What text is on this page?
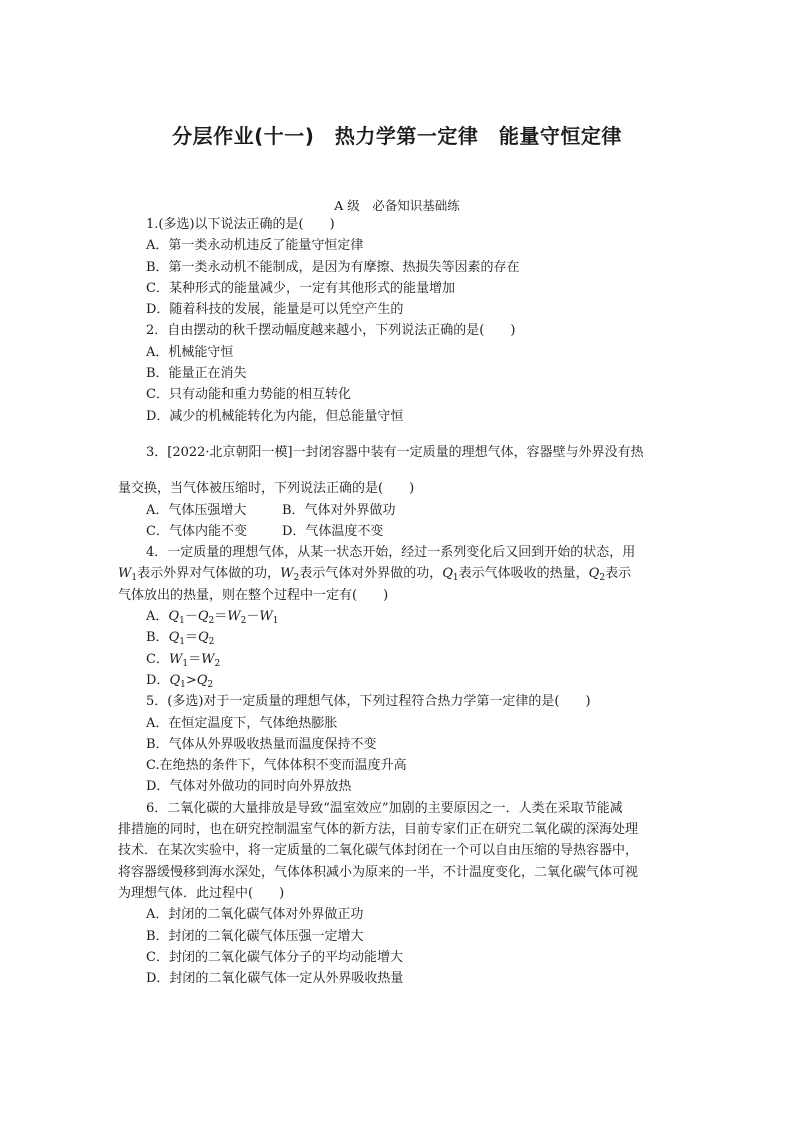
分层作业(十一)　热力学第一定律　能量守恒定律
A 级　必备知识基础练
1.(多选)以下说法正确的是(　　)
A．第一类永动机违反了能量守恒定律
B．第一类永动机不能制成，是因为有摩擦、热损失等因素的存在
C．某种形式的能量减少，一定有其他形式的能量增加
D．随着科技的发展，能量是可以凭空产生的
2．自由摆动的秋千摆动幅度越来越小，下列说法正确的是(　　)
A．机械能守恒
B．能量正在消失
C．只有动能和重力势能的相互转化
D．减少的机械能转化为内能，但总能量守恒
3．[2022·北京朝阳一模]一封闭容器中装有一定质量的理想气体，容器壁与外界没有热
量交换，当气体被压缩时，下列说法正确的是(　　)
A．气体压强增大	B．气体对外界做功
C．气体内能不变	D．气体温度不变
4．一定质量的理想气体，从某一状态开始，经过一系列变化后又回到开始的状态，用
$W_1$表示外界对气体做的功，$W_2$表示气体对外界做的功，$Q_1$表示气体吸收的热量，$Q_2$表示
气体放出的热量，则在整个过程中一定有(　　)
A．$Q_1-Q_2=W_2-W_1$
B．$Q_1=Q_2$
C．$W_1=W_2$
D．$Q_1>Q_2$
5．(多选)对于一定质量的理想气体，下列过程符合热力学第一定律的是(　　)
A．在恒定温度下，气体绝热膨胀
B．气体从外界吸收热量而温度保持不变
C.在绝热的条件下，气体体积不变而温度升高
D．气体对外做功的同时向外界放热
6．二氧化碳的大量排放是导致“温室效应”加剧的主要原因之一．人类在采取节能减
排措施的同时，也在研究控制温室气体的新方法，目前专家们正在研究二氧化碳的深海处理
技术．在某次实验中，将一定质量的二氧化碳气体封闭在一个可以自由压缩的导热容器中，
将容器缓慢移到海水深处，气体体积减小为原来的一半，不计温度变化，二氧化碳气体可视
为理想气体．此过程中(　　)
A．封闭的二氧化碳气体对外界做正功
B．封闭的二氧化碳气体压强一定增大
C．封闭的二氧化碳气体分子的平均动能增大
D．封闭的二氧化碳气体一定从外界吸收热量
